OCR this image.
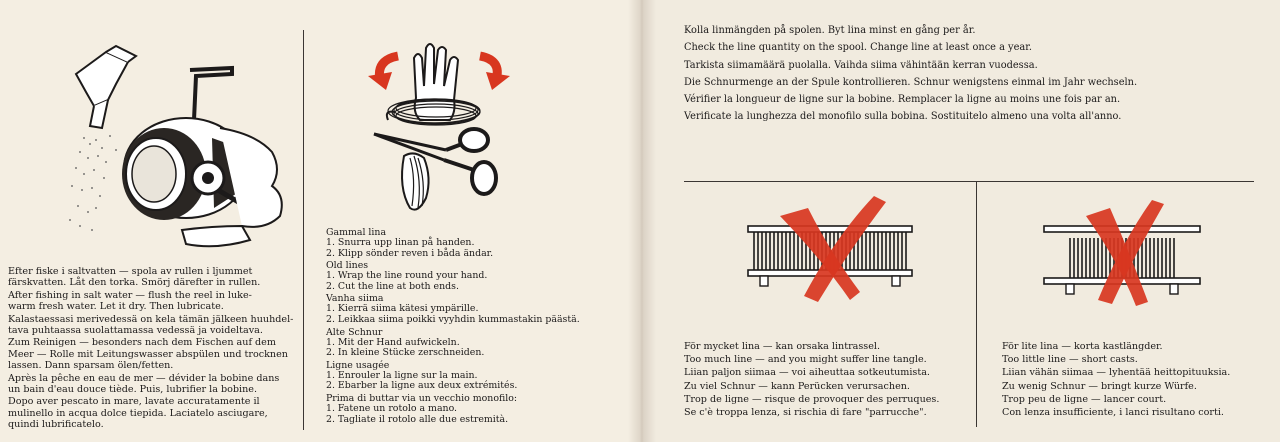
Efter fiske i saltvatten — spola av rullen i ljummet
färskvatten. Låt den torka. Smörj därefter in rullen.

After fishing in salt water — flush the reel in luke-
warm fresh water. Let it dry. Then lubricate.

Kalastaessasi merivedessä on kela tämän jälkeen huuhdel-
tava puhtaassa suolattamassa vedessä ja voideltava.

Zum Reinigen — besonders nach dem Fischen auf dem
Meer — Rolle mit Leitungswasser abspülen und trocknen
lassen. Dann sparsam ölen/fetten.

Après la pêche en eau de mer — dévider la bobine dans
un bain d'eau douce tiède. Puis, lubrifier la bobine.

Dopo aver pescato in mare, lavate accuratamente il
mulinello in acqua dolce tiepida. Laciatelo asciugare,
quindi lubrificatelo.

Gammal lina
1. Snurra upp linan på handen.
2. Klipp sönder reven i båda ändar.
Old lines
1. Wrap the line round your hand.
2. Cut the line at both ends.
Vanha siima
1. Kierrä siima kätesi ympärille.
2. Leikkaa siima poikki vyyhdin kummastakin päästä.
Alte Schnur
1. Mit der Hand aufwickeln.
2. In kleine Stücke zerschneiden.
Ligne usagée
1. Enrouler la ligne sur la main.
2. Ebarber la ligne aux deux extrémités.
Prima di buttar via un vecchio monofilo:
1. Fatene un rotolo a mano.
2. Tagliate il rotolo alle due estremità.
Kolla linmängden på spolen. Byt lina minst en gång per år.
Check the line quantity on the spool. Change line at least once a year.
Tarkista siimamäärä puolalla. Vaihda siima vähintään kerran vuodessa.
Die Schnurmenge an der Spule kontrollieren. Schnur wenigstens einmal im Jahr wechseln.
Vérifier la longueur de ligne sur la bobine. Remplacer la ligne au moins une fois par an.
Verificate la lunghezza del monofilo sulla bobina. Sostituitelo almeno una volta all'anno.
För mycket lina — kan orsaka lintrassel.
Too much line — and you might suffer line tangle.
Liian paljon siimaa — voi aiheuttaa sotkeutumista.
Zu viel Schnur — kann Perücken verursachen.
Trop de ligne — risque de provoquer des perruques.
Se c'è troppa lenza, si rischia di fare "parrucche".
För lite lina — korta kastlängder.
Too little line — short casts.
Liian vähän siimaa — lyhentää heittopituuksia.
Zu wenig Schnur — bringt kurze Würfe.
Trop peu de ligne — lancer court.
Con lenza insufficiente, i lanci risultano corti.
